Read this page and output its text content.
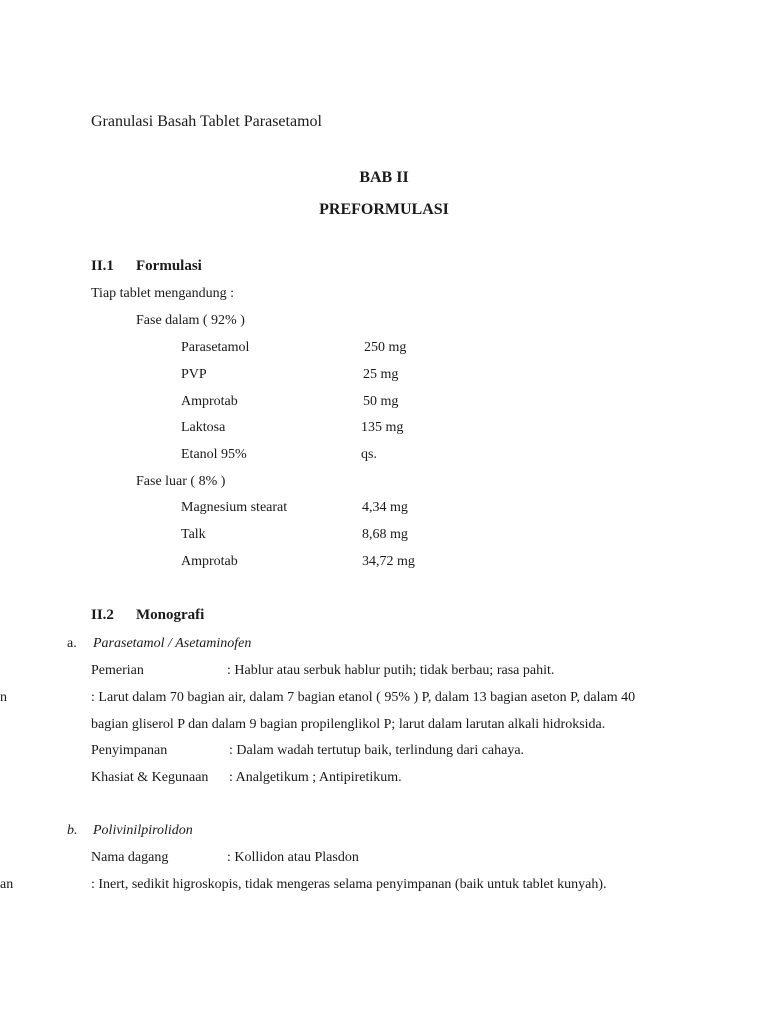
Granulasi Basah Tablet Parasetamol
BAB II
PREFORMULASI
II.1 Formulasi
Tiap tablet mengandung :
Fase dalam ( 92% )
Parasetamol	250 mg
PVP	25 mg
Amprotab	50 mg
Laktosa	135 mg
Etanol 95%	qs.
Fase luar ( 8% )
Magnesium stearat	4,34 mg
Talk	8,68 mg
Amprotab	34,72 mg
II.2 Monografi
a. Parasetamol / Asetaminofen
Pemerian	: Hablur atau serbuk hablur putih; tidak berbau; rasa pahit.
n	: Larut dalam 70 bagian air, dalam 7 bagian etanol ( 95% ) P, dalam 13 bagian aseton P, dalam 40
bagian gliserol P dan dalam 9 bagian propilenglikol P; larut dalam larutan alkali hidroksida.
Penyimpanan	: Dalam wadah tertutup baik, terlindung dari cahaya.
Khasiat & Kegunaan : Analgetikum ; Antipiretikum.
b. Polivinilpirolidon
Nama dagang	: Kollidon atau Plasdon
an	: Inert, sedikit higroskopis, tidak mengeras selama penyimpanan (baik untuk tablet kunyah).
